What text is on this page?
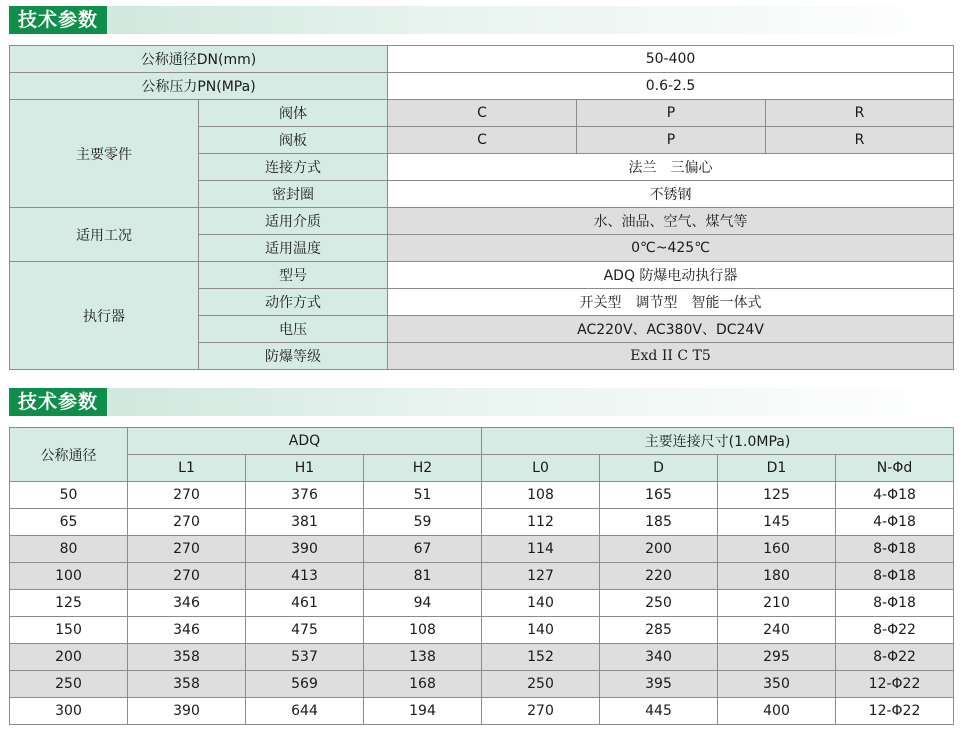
技术参数
公称通径DN(mm)		50-400		
公称压力PN(MPa)		0.6-2.5		
主要零件	阀体	C	P	R
	阀板	C	P	R
	连接方式	法兰　三偏心		
	密封圈	不锈钢		
适用工况	适用介质	水、油品、空气、煤气等		
	适用温度	0℃~425℃		
执行器	型号	ADQ 防爆电动执行器		
	动作方式	开关型　调节型　智能一体式		
	电压	AC220V、AC380V、DC24V		
	防爆等级	Exd II C T5		
技术参数
公称通径	ADQ			主要连接尺寸(1.0MPa)			
	L1	H1	H2	L0	D	D1	N-Φd
50	270	376	51	108	165	125	4-Φ18
65	270	381	59	112	185	145	4-Φ18
80	270	390	67	114	200	160	8-Φ18
100	270	413	81	127	220	180	8-Φ18
125	346	461	94	140	250	210	8-Φ18
150	346	475	108	140	285	240	8-Φ22
200	358	537	138	152	340	295	8-Φ22
250	358	569	168	250	395	350	12-Φ22
300	390	644	194	270	445	400	12-Φ22
